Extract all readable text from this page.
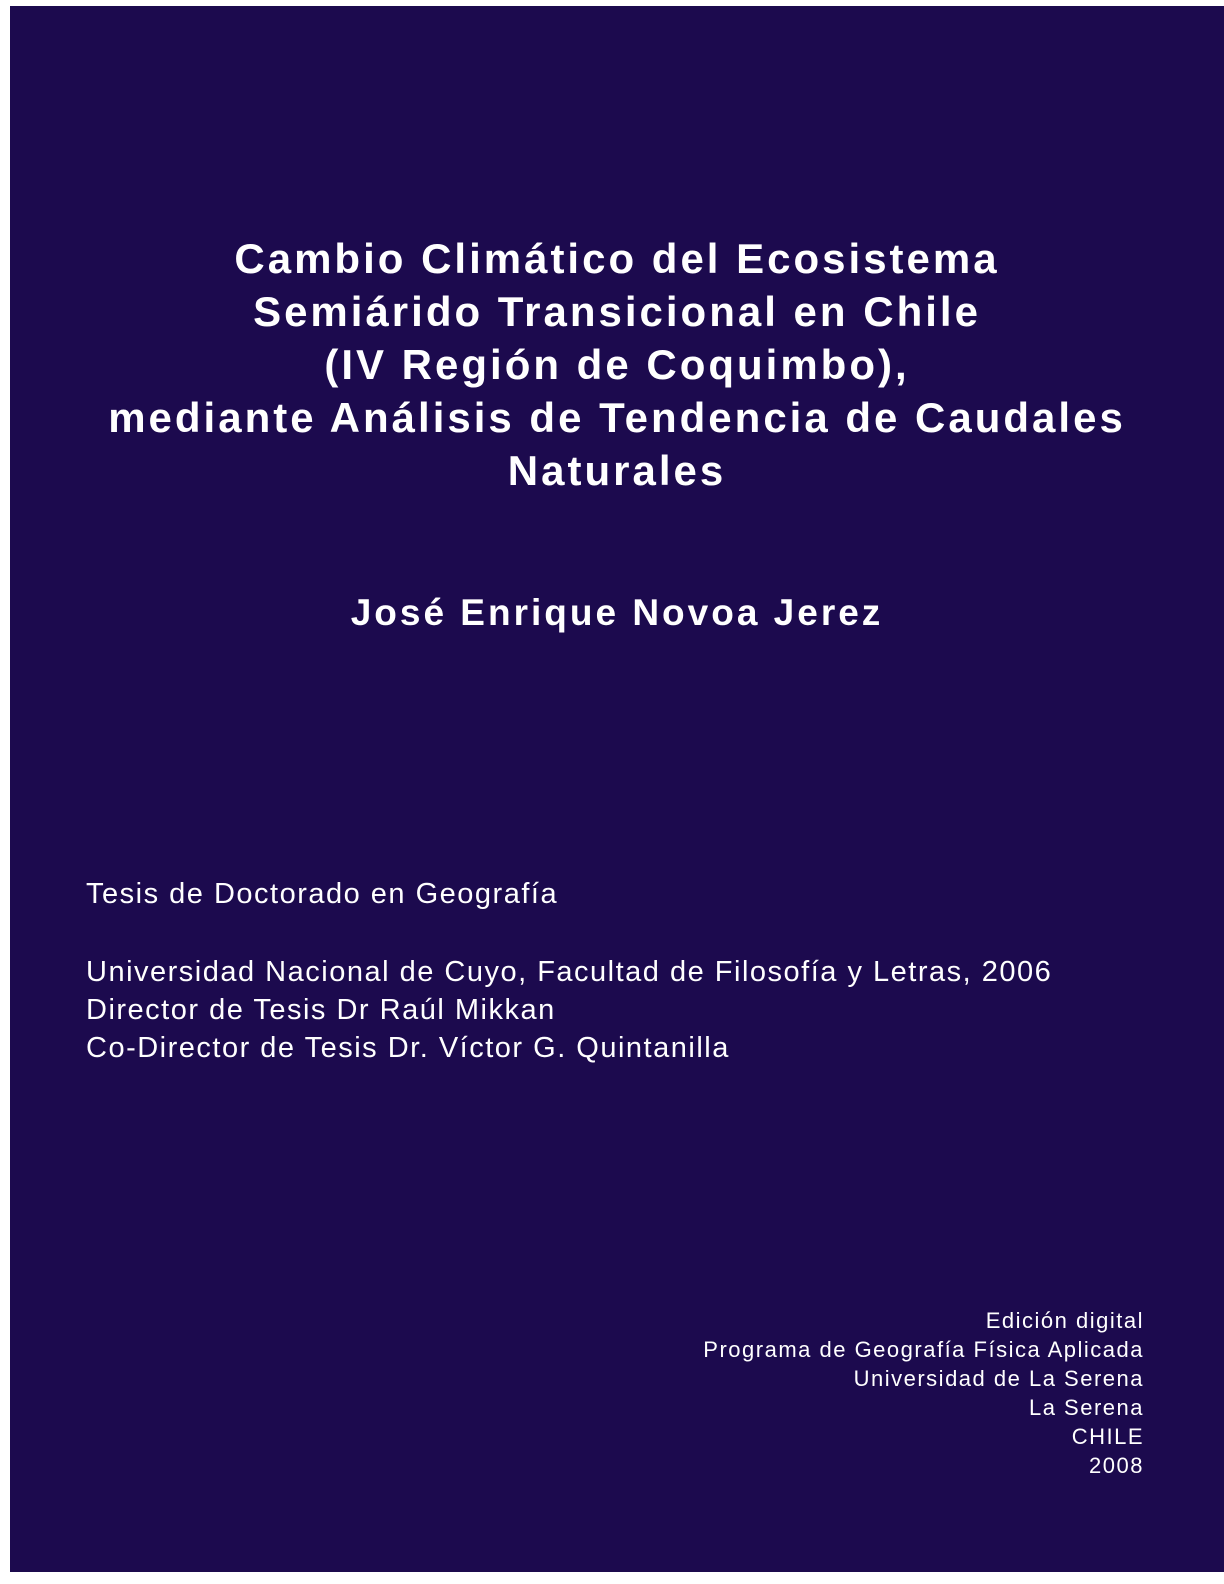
Cambio Climático del Ecosistema
Semiárido Transicional en Chile
(IV Región de Coquimbo),
mediante Análisis de Tendencia de Caudales
Naturales
José Enrique Novoa Jerez
Tesis de Doctorado en Geografía
Universidad Nacional de Cuyo, Facultad de Filosofía y Letras, 2006
Director de Tesis Dr Raúl Mikkan
Co-Director de Tesis Dr. Víctor G. Quintanilla
Edición digital
Programa de Geografía Física Aplicada
Universidad de La Serena
La Serena
CHILE
2008
